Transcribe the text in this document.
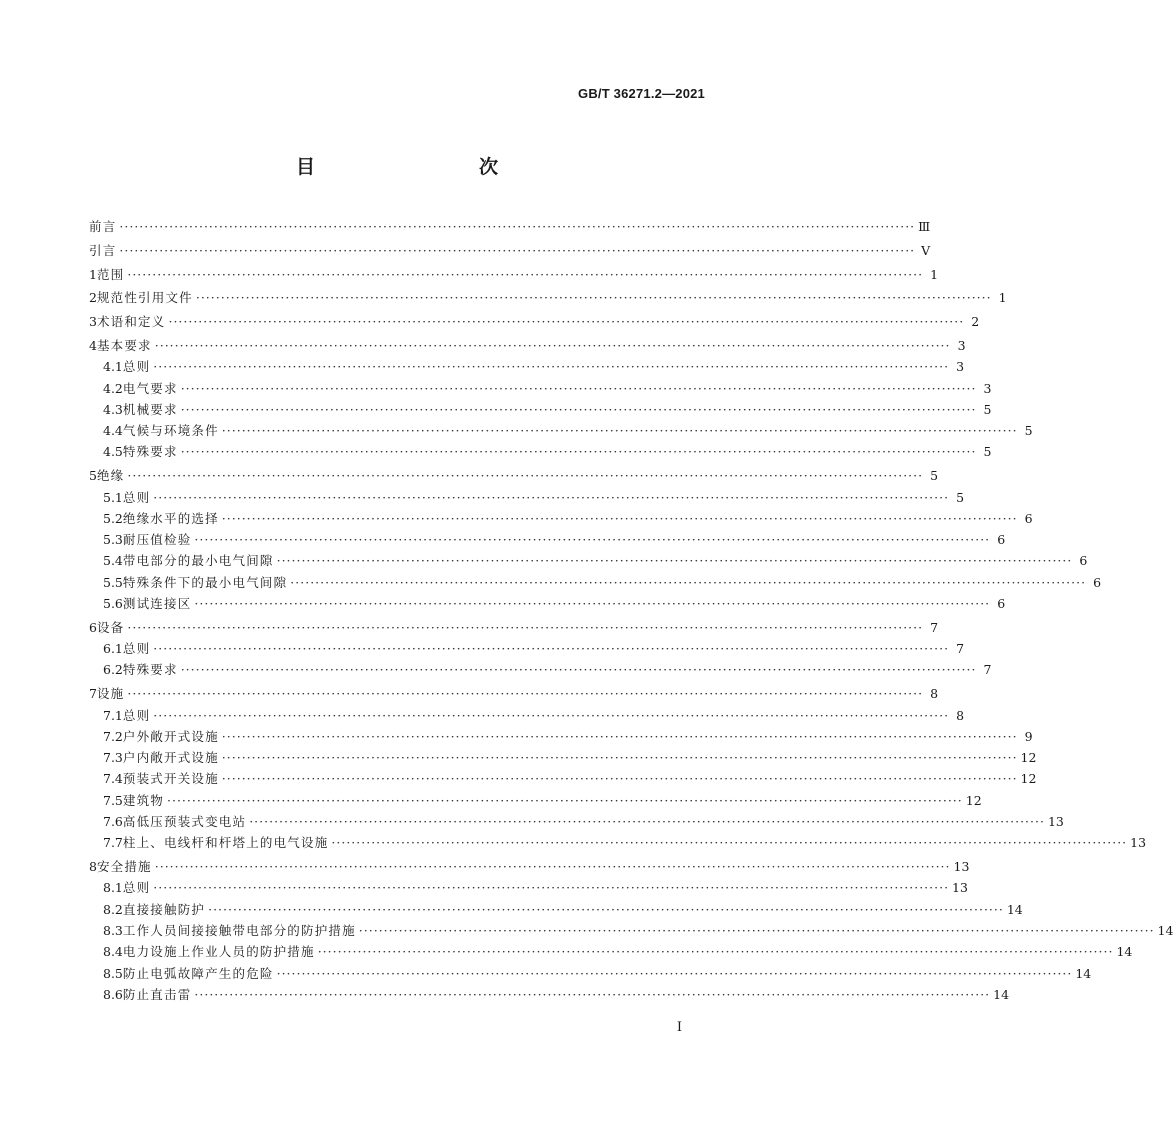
GB/T 36271.2—2021
目　　次
前言 ································································································································································ Ⅲ
引言 ································································································································································ Ⅴ
1 范围 ································································································································································ 1
2 规范性引用文件 ································································································································································ 1
3 术语和定义 ································································································································································ 2
4 基本要求 ································································································································································ 3
4.1 总则 ································································································································································ 3
4.2 电气要求 ································································································································································ 3
4.3 机械要求 ································································································································································ 5
4.4 气候与环境条件 ································································································································································ 5
4.5 特殊要求 ································································································································································ 5
5 绝缘 ································································································································································ 5
5.1 总则 ································································································································································ 5
5.2 绝缘水平的选择 ································································································································································ 6
5.3 耐压值检验 ································································································································································ 6
5.4 带电部分的最小电气间隙 ································································································································································ 6
5.5 特殊条件下的最小电气间隙 ································································································································································ 6
5.6 测试连接区 ································································································································································ 6
6 设备 ································································································································································ 7
6.1 总则 ································································································································································ 7
6.2 特殊要求 ································································································································································ 7
7 设施 ································································································································································ 8
7.1 总则 ································································································································································ 8
7.2 户外敞开式设施 ································································································································································ 9
7.3 户内敞开式设施 ································································································································································ 12
7.4 预装式开关设施 ································································································································································ 12
7.5 建筑物 ································································································································································ 12
7.6 高低压预装式变电站 ································································································································································ 13
7.7 柱上、电线杆和杆塔上的电气设施 ································································································································································ 13
8 安全措施 ································································································································································ 13
8.1 总则 ································································································································································ 13
8.2 直接接触防护 ································································································································································ 14
8.3 工作人员间接接触带电部分的防护措施 ································································································································································ 14
8.4 电力设施上作业人员的防护措施 ································································································································································ 14
8.5 防止电弧故障产生的危险 ································································································································································ 14
8.6 防止直击雷 ································································································································································ 14
I
